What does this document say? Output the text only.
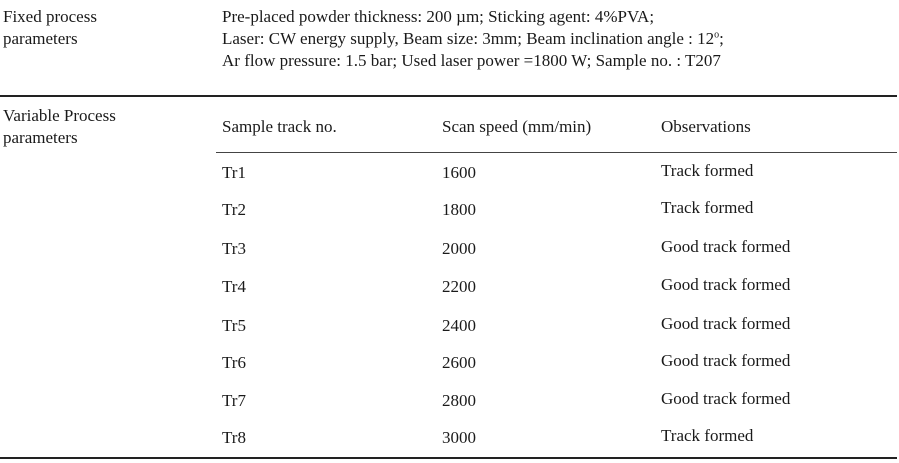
Fixed process
parameters
Pre-placed powder thickness: 200 µm; Sticking agent: 4%PVA;
Laser: CW energy supply, Beam size: 3mm; Beam inclination angle : 12$^o$;
Ar flow pressure: 1.5 bar; Used laser power =1800 W; Sample no. : T207
Variable Process
parameters
Sample track no.	Scan speed (mm/min)	Observations
Tr1	1600	Track formed
Tr2	1800	Track formed
Tr3	2000	Good track formed
Tr4	2200	Good track formed
Tr5	2400	Good track formed
Tr6	2600	Good track formed
Tr7	2800	Good track formed
Tr8	3000	Track formed
